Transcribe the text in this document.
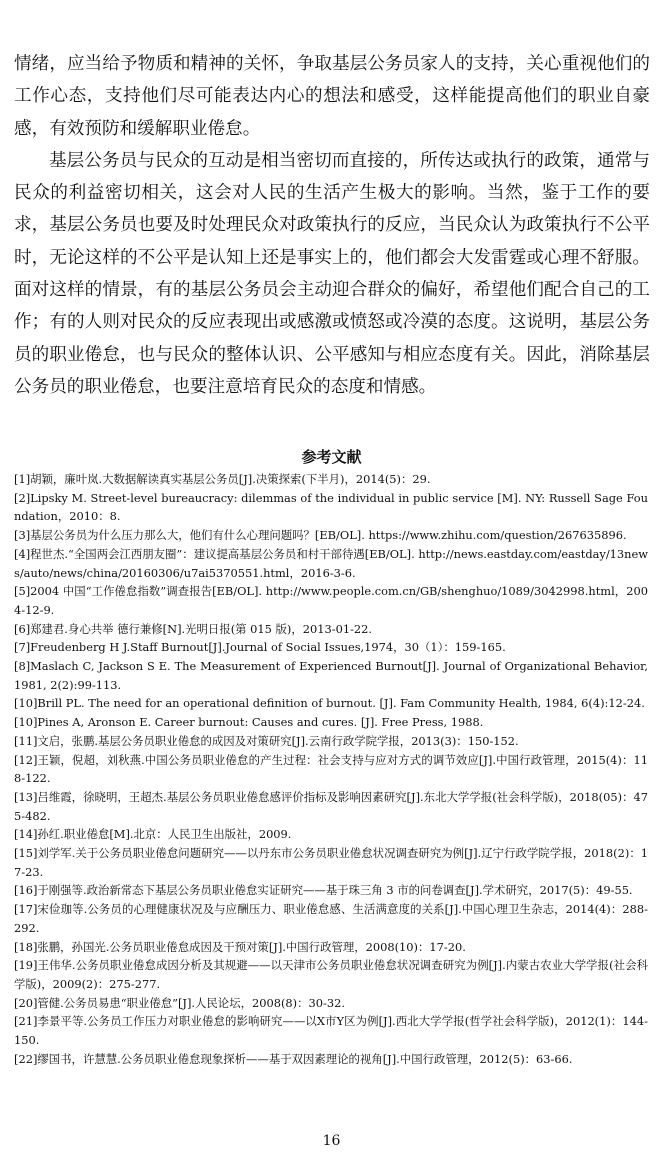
情绪，应当给予物质和精神的关怀，争取基层公务员家人的支持，关心重视他们的工作心态，支持他们尽可能表达内心的想法和感受，这样能提高他们的职业自豪感，有效预防和缓解职业倦怠。

基层公务员与民众的互动是相当密切而直接的，所传达或执行的政策，通常与民众的利益密切相关，这会对人民的生活产生极大的影响。当然，鉴于工作的要求，基层公务员也要及时处理民众对政策执行的反应，当民众认为政策执行不公平时，无论这样的不公平是认知上还是事实上的，他们都会大发雷霆或心理不舒服。面对这样的情景，有的基层公务员会主动迎合群众的偏好，希望他们配合自己的工作；有的人则对民众的反应表现出或感激或愤怒或冷漠的态度。这说明，基层公务员的职业倦怠，也与民众的整体认识、公平感知与相应态度有关。因此，消除基层公务员的职业倦怠，也要注意培育民众的态度和情感。

参考文献

[1]胡颖，廉叶岚.大数据解读真实基层公务员[J].决策探索(下半月)，2014(5)：29.

[2]Lipsky M. Street-level bureaucracy: dilemmas of the individual in public service [M]. NY: Russell Sage Foundation，2010：8.

[3]基层公务员为什么压力那么大，他们有什么心理问题吗？[EB/OL]. https://www.zhihu.com/question/267635896.

[4]程世杰.“全国两会江西朋友圈”：建议提高基层公务员和村干部待遇[EB/OL]. http://news.eastday.com/eastday/13news/auto/news/china/20160306/u7ai5370551.html，2016-3-6.

[5]2004 中国“工作倦怠指数”调查报告[EB/OL]. http://www.people.com.cn/GB/shenghuo/1089/3042998.html，2004-12-9.

[6]郑建君.身心共举 德行兼修[N].光明日报(第 015 版)，2013-01-22.

[7]Freudenberg H J.Staff Burnout[J].Journal of Social Issues,1974，30（1）：159-165.

[8]Maslach C, Jackson S E. The Measurement of Experienced Burnout[J]. Journal of Organizational Behavior, 1981, 2(2):99-113.

[10]Brill PL. The need for an operational definition of burnout. [J]. Fam Community Health, 1984, 6(4):12-24.

[10]Pines A, Aronson E. Career burnout: Causes and cures. [J]. Free Press, 1988.

[11]文启，张鹏.基层公务员职业倦怠的成因及对策研究[J].云南行政学院学报，2013(3)：150-152.

[12]王颖，倪超，刘秋燕.中国公务员职业倦怠的产生过程：社会支持与应对方式的调节效应[J].中国行政管理，2015(4)：118-122.

[13]吕维霞，徐晓明，王超杰.基层公务员职业倦怠感评价指标及影响因素研究[J].东北大学学报(社会科学版)，2018(05)：475-482.

[14]孙红.职业倦怠[M].北京：人民卫生出版社，2009.

[15]刘学军.关于公务员职业倦怠问题研究——以丹东市公务员职业倦怠状况调查研究为例[J].辽宁行政学院学报，2018(2)：17-23.

[16]于刚强等.政治新常态下基层公务员职业倦怠实证研究——基于珠三角 3 市的问卷调查[J].学术研究，2017(5)：49-55.

[17]宋俭珈等.公务员的心理健康状况及与应酬压力、职业倦怠感、生活满意度的关系[J].中国心理卫生杂志，2014(4)：288-292.

[18]张鹏，孙国光.公务员职业倦怠成因及干预对策[J].中国行政管理，2008(10)：17-20.

[19]王伟华.公务员职业倦怠成因分析及其规避——以天津市公务员职业倦怠状况调查研究为例[J].内蒙古农业大学学报(社会科学版)，2009(2)：275-277.

[20]管健.公务员易患“职业倦怠”[J].人民论坛，2008(8)：30-32.

[21]李景平等.公务员工作压力对职业倦怠的影响研究——以X市Y区为例[J].西北大学学报(哲学社会科学版)，2012(1)：144-150.

[22]缪国书，许慧慧.公务员职业倦怠现象探析——基于双因素理论的视角[J].中国行政管理，2012(5)：63-66.

16
